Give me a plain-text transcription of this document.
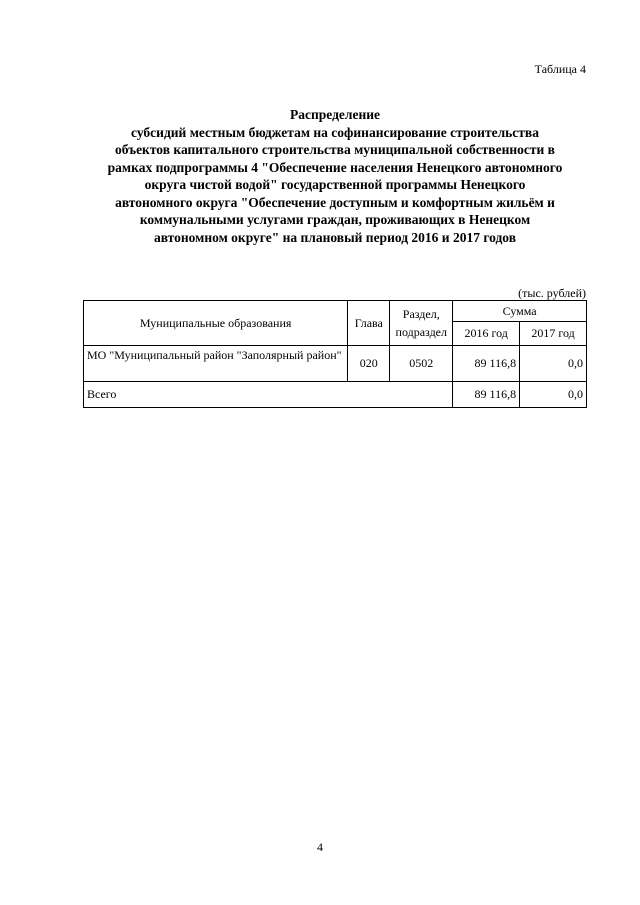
Таблица 4
Распределение
субсидий местным бюджетам на софинансирование строительства
объектов капитального строительства муниципальной собственности в
рамках подпрограммы 4 "Обеспечение населения Ненецкого автономного
округа чистой водой" государственной программы Ненецкого
автономного округа "Обеспечение доступным и комфортным жильём и
коммунальными услугами граждан, проживающих в Ненецком
автономном округе" на плановый период 2016 и 2017 годов
(тыс. рублей)
Муниципальные образования	Глава	Раздел, подраздел	Сумма	
			2016 год	2017 год
МО "Муниципальный район "Заполярный район"	020	0502	89 116,8	0,0
Всего			89 116,8	0,0
4
